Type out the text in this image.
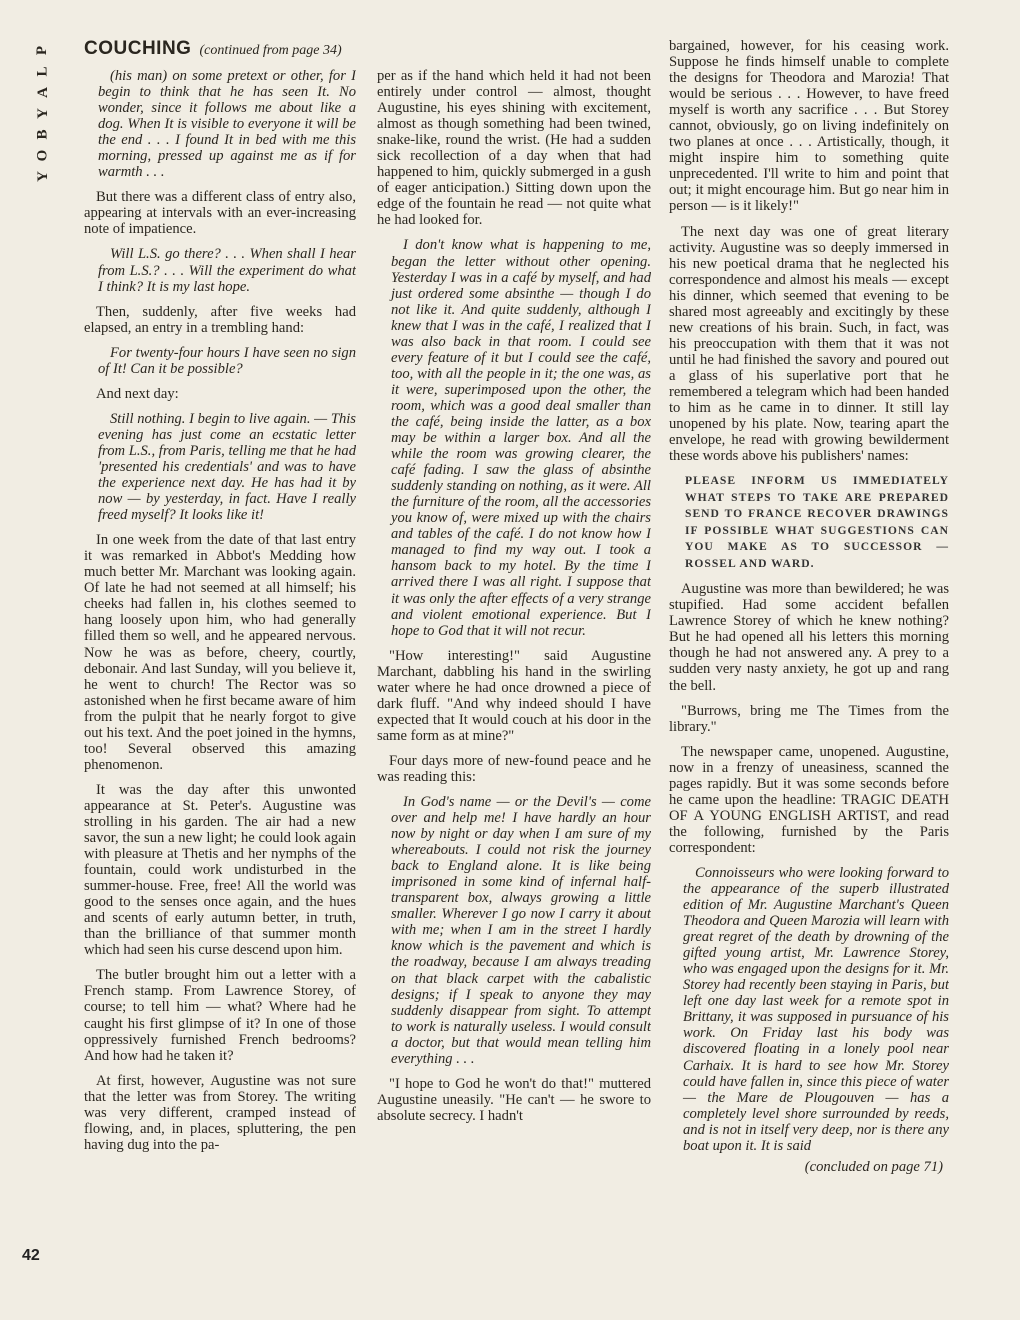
P
L
A
Y
B
O
Y
COUCHING (continued from page 34)

(his man) on some pretext or other, for I begin to think that he has seen It. No wonder, since it follows me about like a dog. When It is visible to everyone it will be the end . . . I found It in bed with me this morning, pressed up against me as if for warmth . . .

But there was a different class of entry also, appearing at intervals with an ever-increasing note of impatience.

Will L.S. go there? . . . When shall I hear from L.S.? . . . Will the experiment do what I think? It is my last hope.

Then, suddenly, after five weeks had elapsed, an entry in a trembling hand:

For twenty-four hours I have seen no sign of It! Can it be possible?

And next day:

Still nothing. I begin to live again. — This evening has just come an ecstatic letter from L.S., from Paris, telling me that he had 'presented his credentials' and was to have the experience next day. He has had it by now — by yesterday, in fact. Have I really freed myself? It looks like it!

In one week from the date of that last entry it was remarked in Abbot's Medding how much better Mr. Marchant was looking again. Of late he had not seemed at all himself; his cheeks had fallen in, his clothes seemed to hang loosely upon him, who had generally filled them so well, and he appeared nervous. Now he was as before, cheery, courtly, debonair. And last Sunday, will you believe it, he went to church! The Rector was so astonished when he first became aware of him from the pulpit that he nearly forgot to give out his text. And the poet joined in the hymns, too! Several observed this amazing phenomenon.

It was the day after this unwonted appearance at St. Peter's. Augustine was strolling in his garden. The air had a new savor, the sun a new light; he could look again with pleasure at Thetis and her nymphs of the fountain, could work undisturbed in the summer-house. Free, free! All the world was good to the senses once again, and the hues and scents of early autumn better, in truth, than the brilliance of that summer month which had seen his curse descend upon him.

The butler brought him out a letter with a French stamp. From Lawrence Storey, of course; to tell him — what? Where had he caught his first glimpse of it? In one of those oppressively furnished French bedrooms? And how had he taken it?

At first, however, Augustine was not sure that the letter was from Storey. The writing was very different, cramped instead of flowing, and, in places, spluttering, the pen having dug into the pa-

per as if the hand which held it had not been entirely under control — almost, thought Augustine, his eyes shining with excitement, almost as though something had been twined, snake-like, round the wrist. (He had a sudden sick recollection of a day when that had happened to him, quickly submerged in a gush of eager anticipation.) Sitting down upon the edge of the fountain he read — not quite what he had looked for.

I don't know what is happening to me, began the letter without other opening. Yesterday I was in a café by myself, and had just ordered some absinthe — though I do not like it. And quite suddenly, although I knew that I was in the café, I realized that I was also back in that room. I could see every feature of it but I could see the café, too, with all the people in it; the one was, as it were, superimposed upon the other, the room, which was a good deal smaller than the café, being inside the latter, as a box may be within a larger box. And all the while the room was growing clearer, the café fading. I saw the glass of absinthe suddenly standing on nothing, as it were. All the furniture of the room, all the accessories you know of, were mixed up with the chairs and tables of the café. I do not know how I managed to find my way out. I took a hansom back to my hotel. By the time I arrived there I was all right. I suppose that it was only the after effects of a very strange and violent emotional experience. But I hope to God that it will not recur.

"How interesting!" said Augustine Marchant, dabbling his hand in the swirling water where he had once drowned a piece of dark fluff. "And why indeed should I have expected that It would couch at his door in the same form as at mine?"

Four days more of new-found peace and he was reading this:

In God's name — or the Devil's — come over and help me! I have hardly an hour now by night or day when I am sure of my whereabouts. I could not risk the journey back to England alone. It is like being imprisoned in some kind of infernal half-transparent box, always growing a little smaller. Wherever I go now I carry it about with me; when I am in the street I hardly know which is the pavement and which is the roadway, because I am always treading on that black carpet with the cabalistic designs; if I speak to anyone they may suddenly disappear from sight. To attempt to work is naturally useless. I would consult a doctor, but that would mean telling him everything . . .

"I hope to God he won't do that!" muttered Augustine uneasily. "He can't — he swore to absolute secrecy. I hadn't

bargained, however, for his ceasing work. Suppose he finds himself unable to complete the designs for Theodora and Marozia! That would be serious . . . However, to have freed myself is worth any sacrifice . . . But Storey cannot, obviously, go on living indefinitely on two planes at once . . . Artistically, though, it might inspire him to something quite unprecedented. I'll write to him and point that out; it might encourage him. But go near him in person — is it likely!"

The next day was one of great literary activity. Augustine was so deeply immersed in his new poetical drama that he neglected his correspondence and almost his meals — except his dinner, which seemed that evening to be shared most agreeably and excitingly by these new creations of his brain. Such, in fact, was his preoccupation with them that it was not until he had finished the savory and poured out a glass of his superlative port that he remembered a telegram which had been handed to him as he came in to dinner. It still lay unopened by his plate. Now, tearing apart the envelope, he read with growing bewilderment these words above his publishers' names:

PLEASE INFORM US IMMEDIATELY WHAT STEPS TO TAKE ARE PREPARED SEND TO FRANCE RECOVER DRAWINGS IF POSSIBLE WHAT SUGGESTIONS CAN YOU MAKE AS TO SUCCESSOR — ROSSEL AND WARD.

Augustine was more than bewildered; he was stupified. Had some accident befallen Lawrence Storey of which he knew nothing? But he had opened all his letters this morning though he had not answered any. A prey to a sudden very nasty anxiety, he got up and rang the bell.

"Burrows, bring me The Times from the library."

The newspaper came, unopened. Augustine, now in a frenzy of uneasiness, scanned the pages rapidly. But it was some seconds before he came upon the headline: TRAGIC DEATH OF A YOUNG ENGLISH ARTIST, and read the following, furnished by the Paris correspondent:

Connoisseurs who were looking forward to the appearance of the superb illustrated edition of Mr. Augustine Marchant's Queen Theodora and Queen Marozia will learn with great regret of the death by drowning of the gifted young artist, Mr. Lawrence Storey, who was engaged upon the designs for it. Mr. Storey had recently been staying in Paris, but left one day last week for a remote spot in Brittany, it was supposed in pursuance of his work. On Friday last his body was discovered floating in a lonely pool near Carhaix. It is hard to see how Mr. Storey could have fallen in, since this piece of water — the Mare de Plougouven — has a completely level shore surrounded by reeds, and is not in itself very deep, nor is there any boat upon it. It is said

(concluded on page 71)

42
